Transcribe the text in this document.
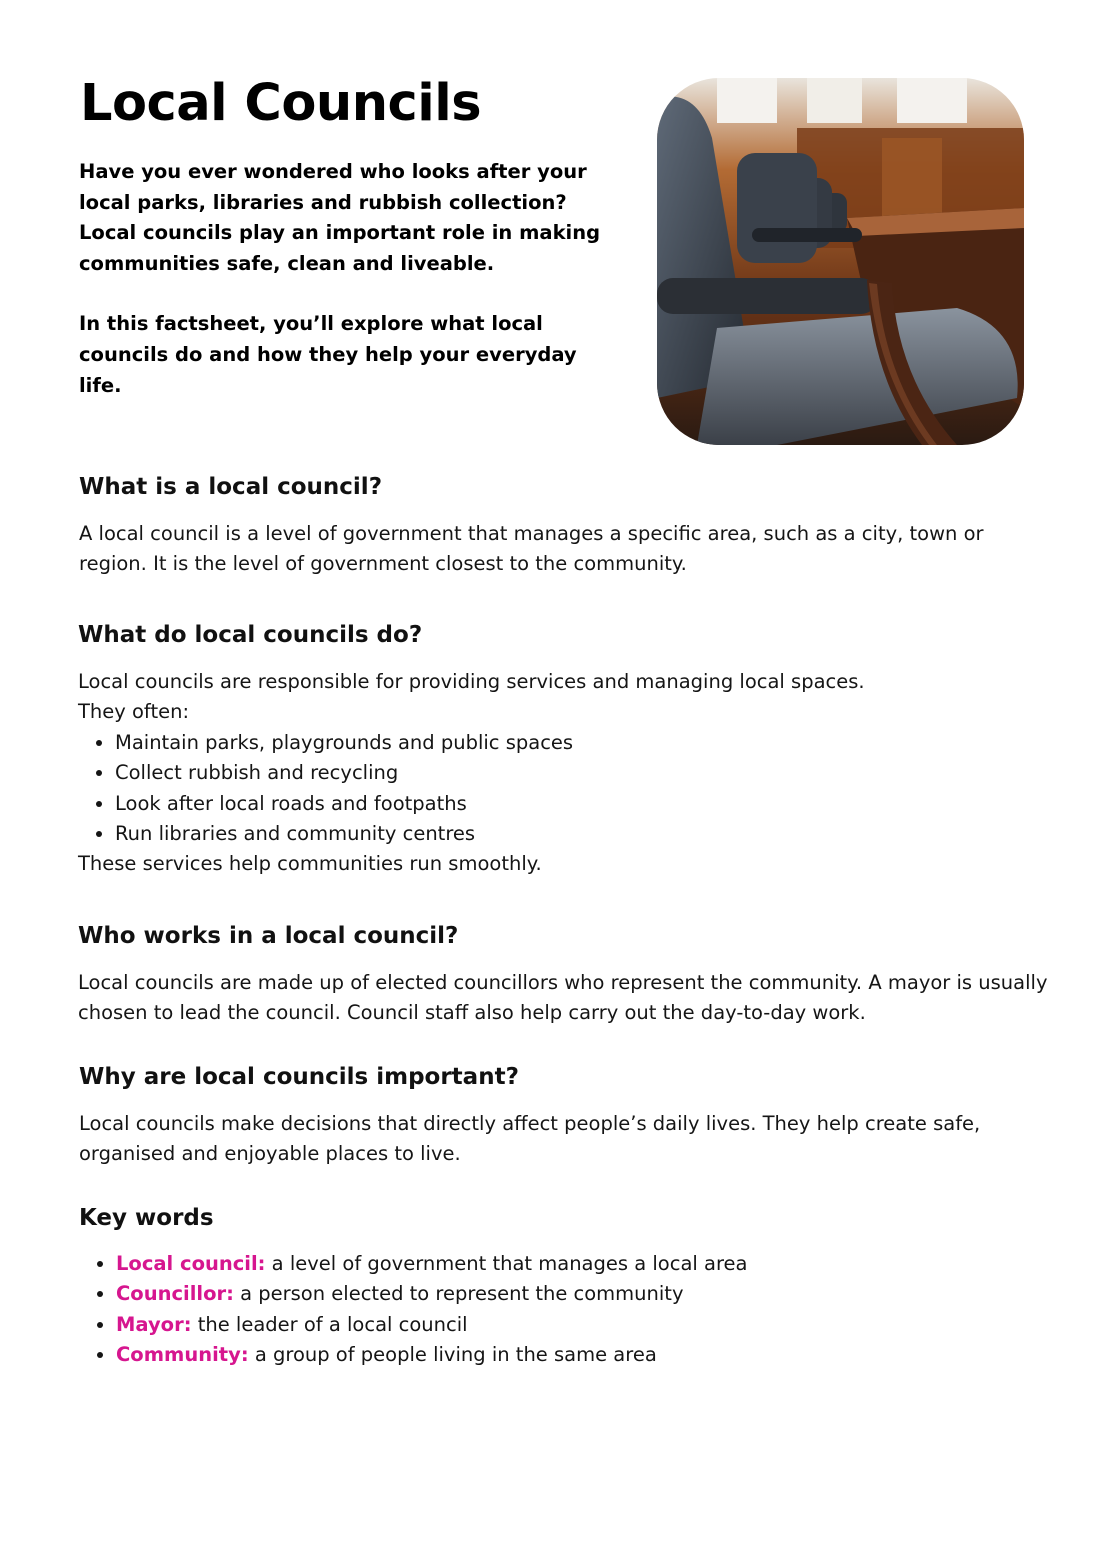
Local Councils

Have you ever wondered who looks after your local parks, libraries and rubbish collection? Local councils play an important role in making communities safe, clean and liveable.

In this factsheet, you’ll explore what local councils do and how they help your everyday life.

What is a local council?

A local council is a level of government that manages a specific area, such as a city, town or region. It is the level of government closest to the community.

What do local councils do?

Local councils are responsible for providing services and managing local spaces.

They often:

• Maintain parks, playgrounds and public spaces
• Collect rubbish and recycling
• Look after local roads and footpaths
• Run libraries and community centres

These services help communities run smoothly.

Who works in a local council?

Local councils are made up of elected councillors who represent the community. A mayor is usually chosen to lead the council. Council staff also help carry out the day-to-day work.

Why are local councils important?

Local councils make decisions that directly affect people’s daily lives. They help create safe, organised and enjoyable places to live.

Key words
• Local council: a level of government that manages a local area
• Councillor: a person elected to represent the community
• Mayor: the leader of a local council
• Community: a group of people living in the same area
